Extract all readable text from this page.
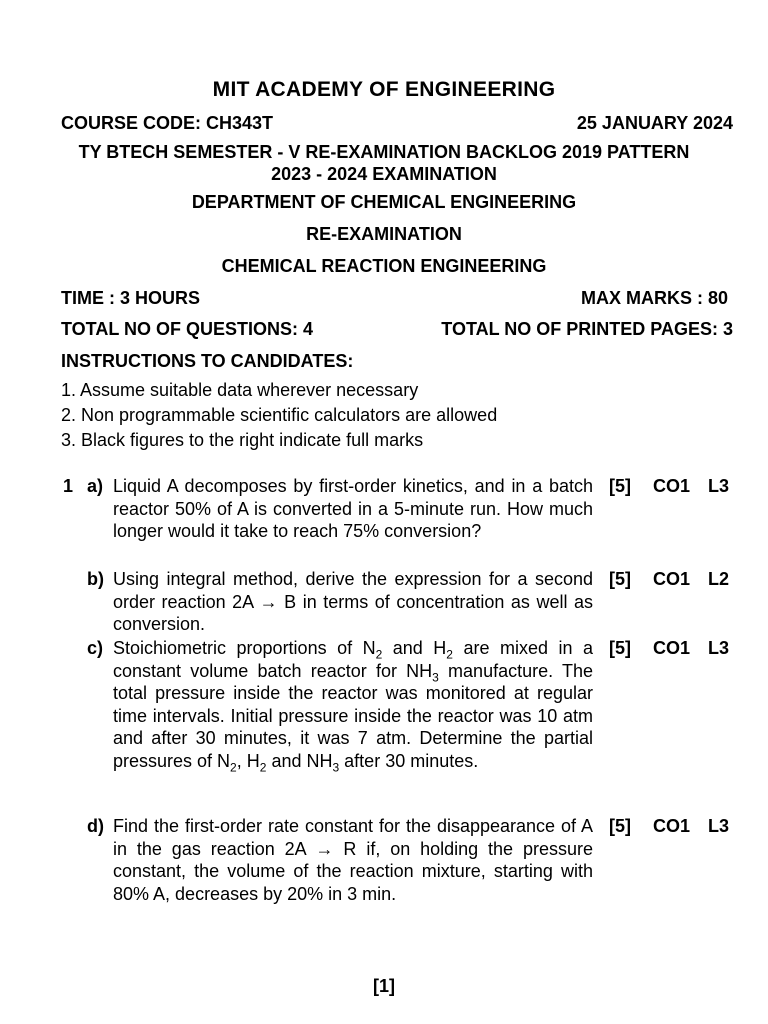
MIT ACADEMY OF ENGINEERING
COURSE CODE: CH343T	25 JANUARY 2024
TY BTECH SEMESTER - V RE-EXAMINATION BACKLOG 2019 PATTERN
2023 - 2024 EXAMINATION
DEPARTMENT OF CHEMICAL ENGINEERING
RE-EXAMINATION
CHEMICAL REACTION ENGINEERING
TIME : 3 HOURS	MAX MARKS : 80
TOTAL NO OF QUESTIONS: 4	TOTAL NO OF PRINTED PAGES: 3
INSTRUCTIONS TO CANDIDATES:
1. Assume suitable data wherever necessary
2. Non programmable scientific calculators are allowed
3. Black figures to the right indicate full marks
1 a) Liquid A decomposes by first-order kinetics, and in a batch reactor 50% of A is converted in a 5-minute run. How much longer would it take to reach 75% conversion?
[5] CO1 L3
b) Using integral method, derive the expression for a second order reaction 2A → B in terms of concentration as well as conversion.
[5] CO1 L2
c) Stoichiometric proportions of $N_2$ and $H_2$ are mixed in a constant volume batch reactor for $NH_3$ manufacture. The total pressure inside the reactor was monitored at regular time intervals. Initial pressure inside the reactor was 10 atm and after 30 minutes, it was 7 atm. Determine the partial pressures of $N_2$, $H_2$ and $NH_3$ after 30 minutes.
[5] CO1 L3
d) Find the first-order rate constant for the disappearance of A in the gas reaction 2A → R if, on holding the pressure constant, the volume of the reaction mixture, starting with 80% A, decreases by 20% in 3 min.
[5] CO1 L3
[1]
